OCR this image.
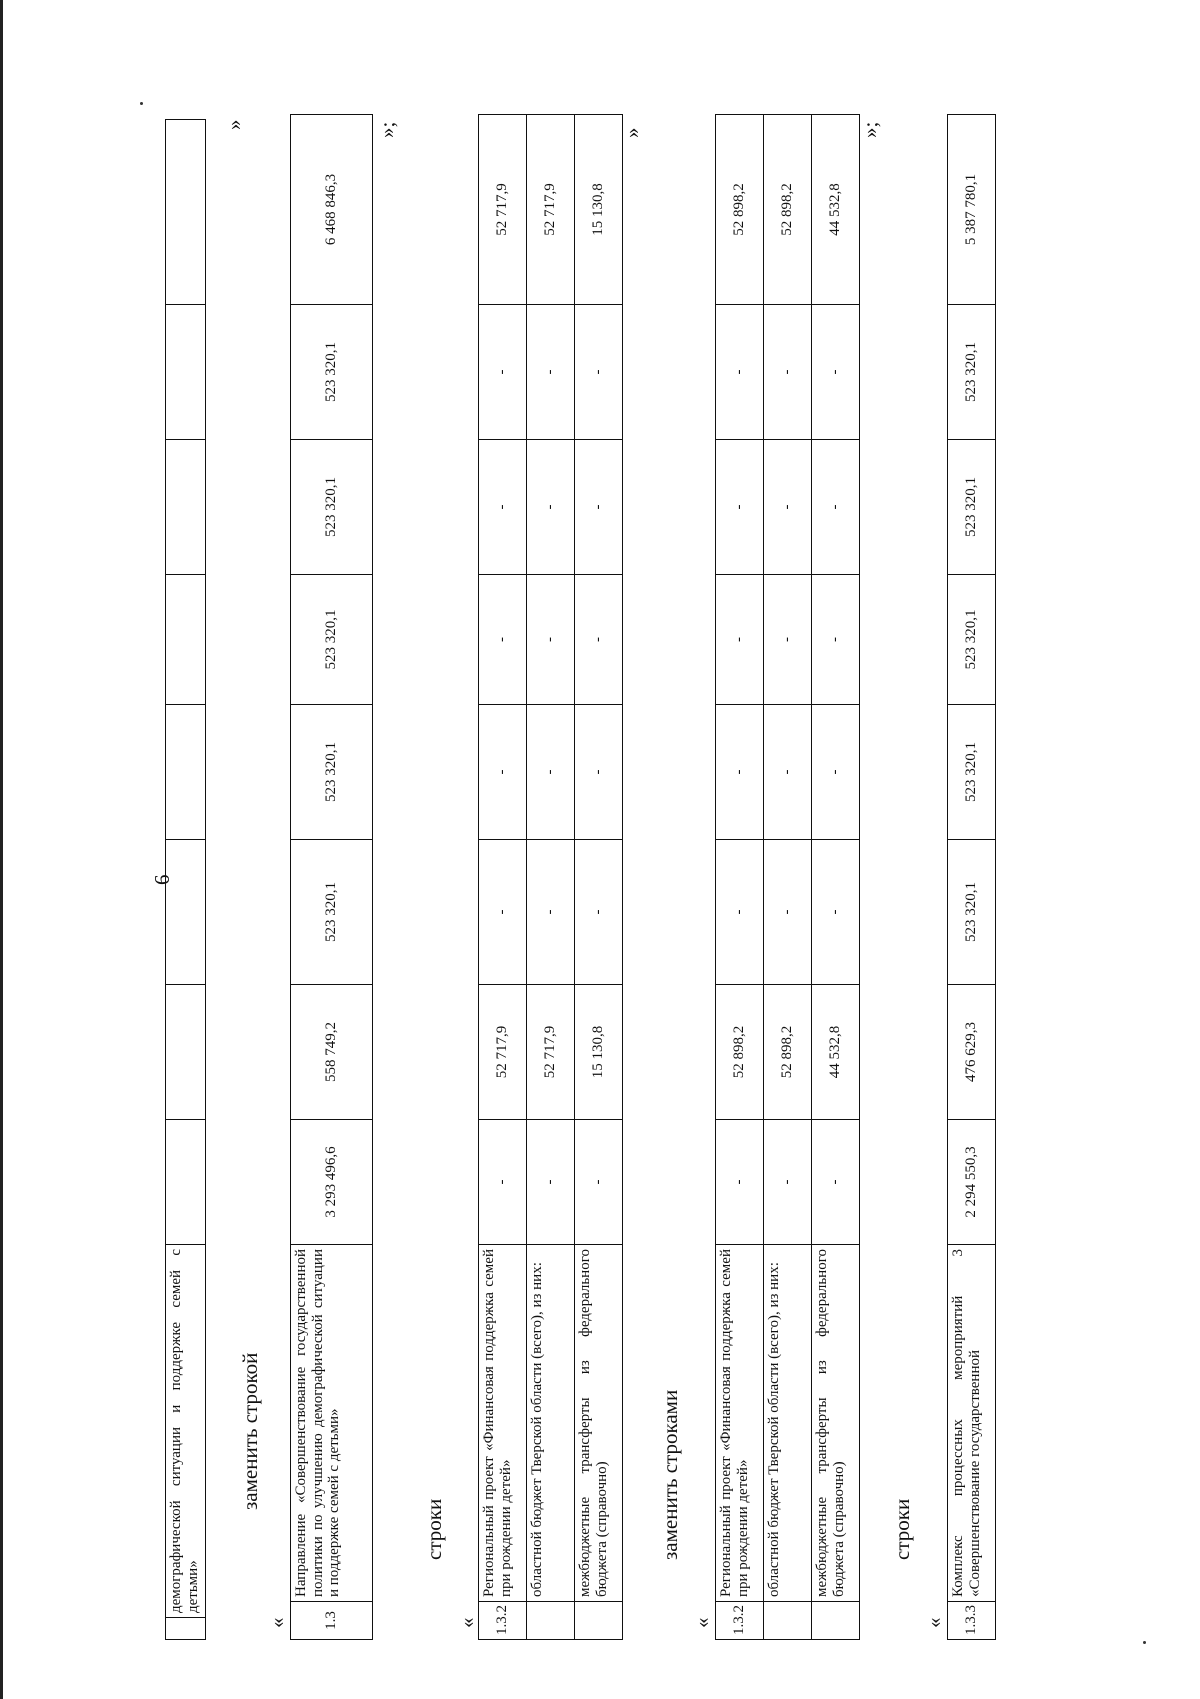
6
	демографической ситуации и поддержке семей с детьми»								
»
заменить строкой
« 1.3	Направление «Совершенствование государственной политики по улучшению демографической ситуации и поддержке семей с детьми»	3 293 496,6	558 749,2	523 320,1	523 320,1	523 320,1	523 320,1	523 320,1	6 468 846,3
»;
строки
« 1.3.2	Региональный проект «Финансовая поддержка семей при рождении детей»	-	52 717,9	-	-	-	-	-	52 717,9
	областной бюджет Тверской области (всего), из них:	-	52 717,9	-	-	-	-	-	52 717,9
	межбюджетные трансферты из федерального бюджета (справочно)	-	15 130,8	-	-	-	-	-	15 130,8
»
заменить строками
« 1.3.2	Региональный проект «Финансовая поддержка семей при рождении детей»	-	52 898,2	-	-	-	-	-	52 898,2
	областной бюджет Тверской области (всего), из них:	-	52 898,2	-	-	-	-	-	52 898,2
	межбюджетные трансферты из федерального бюджета (справочно)	-	44 532,8	-	-	-	-	-	44 532,8
»;
строки
« 1.3.3	Комплекс процессных мероприятий 3 «Совершенствование государственной	2 294 550,3	476 629,3	523 320,1	523 320,1	523 320,1	523 320,1	523 320,1	5 387 780,1
